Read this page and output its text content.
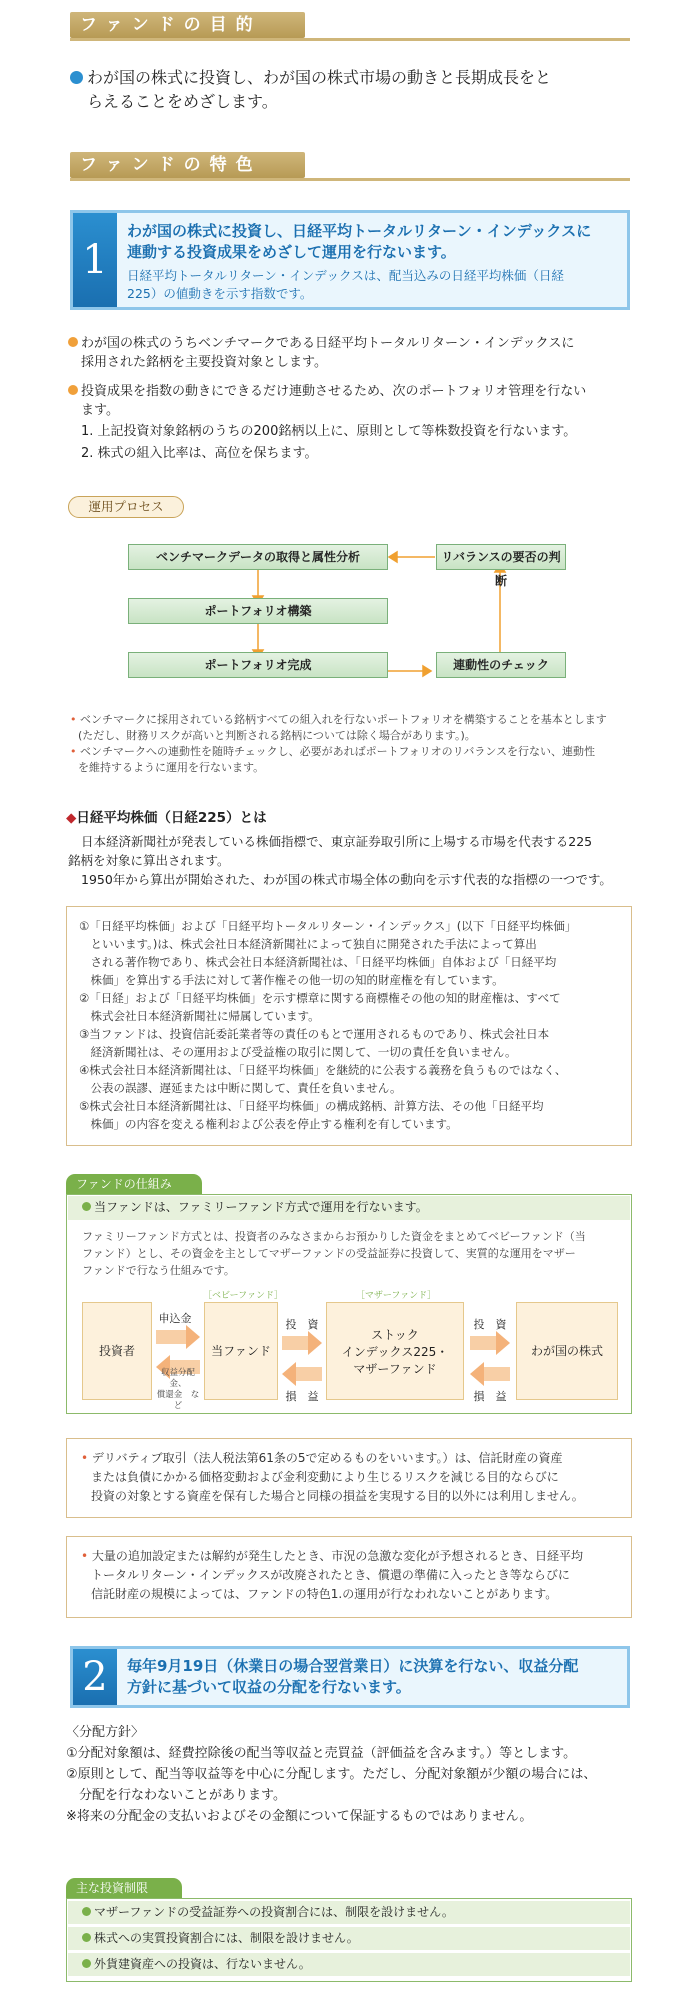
ファンドの目的
わが国の株式に投資し、わが国の株式市場の動きと長期成長をと
らえることをめざします。
ファンドの特色
1
わが国の株式に投資し、日経平均トータルリターン・インデックスに
連動する投資成果をめざして運用を行ないます。
日経平均トータルリターン・インデックスは、配当込みの日経平均株価（日経
225）の値動きを示す指数です。
わが国の株式のうちベンチマークである日経平均トータルリターン・インデックスに
採用された銘柄を主要投資対象とします。
投資成果を指数の動きにできるだけ連動させるため、次のポートフォリオ管理を行ない
ます。
1. 上記投資対象銘柄のうちの200銘柄以上に、原則として等株数投資を行ないます。
2. 株式の組入比率は、高位を保ちます。
運用プロセス
ベンチマークデータの取得と属性分析	リバランスの要否の判断
ポートフォリオ構築
ポートフォリオ完成	連動性のチェック
• ベンチマークに採用されている銘柄すべての組入れを行ないポートフォリオを構築することを基本とします
(ただし、財務リスクが高いと判断される銘柄については除く場合があります。)。
• ベンチマークへの連動性を随時チェックし、必要があればポートフォリオのリバランスを行ない、連動性
を維持するように運用を行ないます。
◆日経平均株価（日経225）とは
日本経済新聞社が発表している株価指標で、東京証券取引所に上場する市場を代表する225
銘柄を対象に算出されます。
1950年から算出が開始された、わが国の株式市場全体の動向を示す代表的な指標の一つです。
①「日経平均株価」および「日経平均トータルリターン・インデックス」(以下「日経平均株価」
　といいます。)は、株式会社日本経済新聞社によって独自に開発された手法によって算出
　される著作物であり、株式会社日本経済新聞社は、「日経平均株価」自体および「日経平均
　株価」を算出する手法に対して著作権その他一切の知的財産権を有しています。
②「日経」および「日経平均株価」を示す標章に関する商標権その他の知的財産権は、すべて
　株式会社日本経済新聞社に帰属しています。
③当ファンドは、投資信託委託業者等の責任のもとで運用されるものであり、株式会社日本
　経済新聞社は、その運用および受益権の取引に関して、一切の責任を負いません。
④株式会社日本経済新聞社は、「日経平均株価」を継続的に公表する義務を負うものではなく、
　公表の誤謬、遅延または中断に関して、責任を負いません。
⑤株式会社日本経済新聞社は、「日経平均株価」の構成銘柄、計算方法、その他「日経平均
　株価」の内容を変える権利および公表を停止する権利を有しています。
ファンドの仕組み
当ファンドは、ファミリーファンド方式で運用を行ないます。
ファミリーファンド方式とは、投資者のみなさまからお預かりした資金をまとめてベビーファンド（当
ファンド）とし、その資金を主としてマザーファンドの受益証券に投資して、実質的な運用をマザー
ファンドで行なう仕組みです。
投資者
申込金
収益分配金、
償還金　など
［ベビーファンド］
当ファンド
投　資
損　益
［マザーファンド］
ストック
インデックス225・
マザーファンド
投　資
損　益
わが国の株式
• デリバティブ取引（法人税法第61条の5で定めるものをいいます。）は、信託財産の資産
または負債にかかる価格変動および金利変動により生じるリスクを減じる目的ならびに
投資の対象とする資産を保有した場合と同様の損益を実現する目的以外には利用しません。
• 大量の追加設定または解約が発生したとき、市況の急激な変化が予想されるとき、日経平均
トータルリターン・インデックスが改廃されたとき、償還の準備に入ったとき等ならびに
信託財産の規模によっては、ファンドの特色1.の運用が行なわれないことがあります。
2	毎年9月19日（休業日の場合翌営業日）に決算を行ない、収益分配
方針に基づいて収益の分配を行ないます。
〈分配方針〉
①分配対象額は、経費控除後の配当等収益と売買益（評価益を含みます。）等とします。
②原則として、配当等収益等を中心に分配します。ただし、分配対象額が少額の場合には、
　分配を行なわないことがあります。
※将来の分配金の支払いおよびその金額について保証するものではありません。
主な投資制限
マザーファンドの受益証券への投資割合には、制限を設けません。
株式への実質投資割合には、制限を設けません。
外貨建資産への投資は、行ないません。
